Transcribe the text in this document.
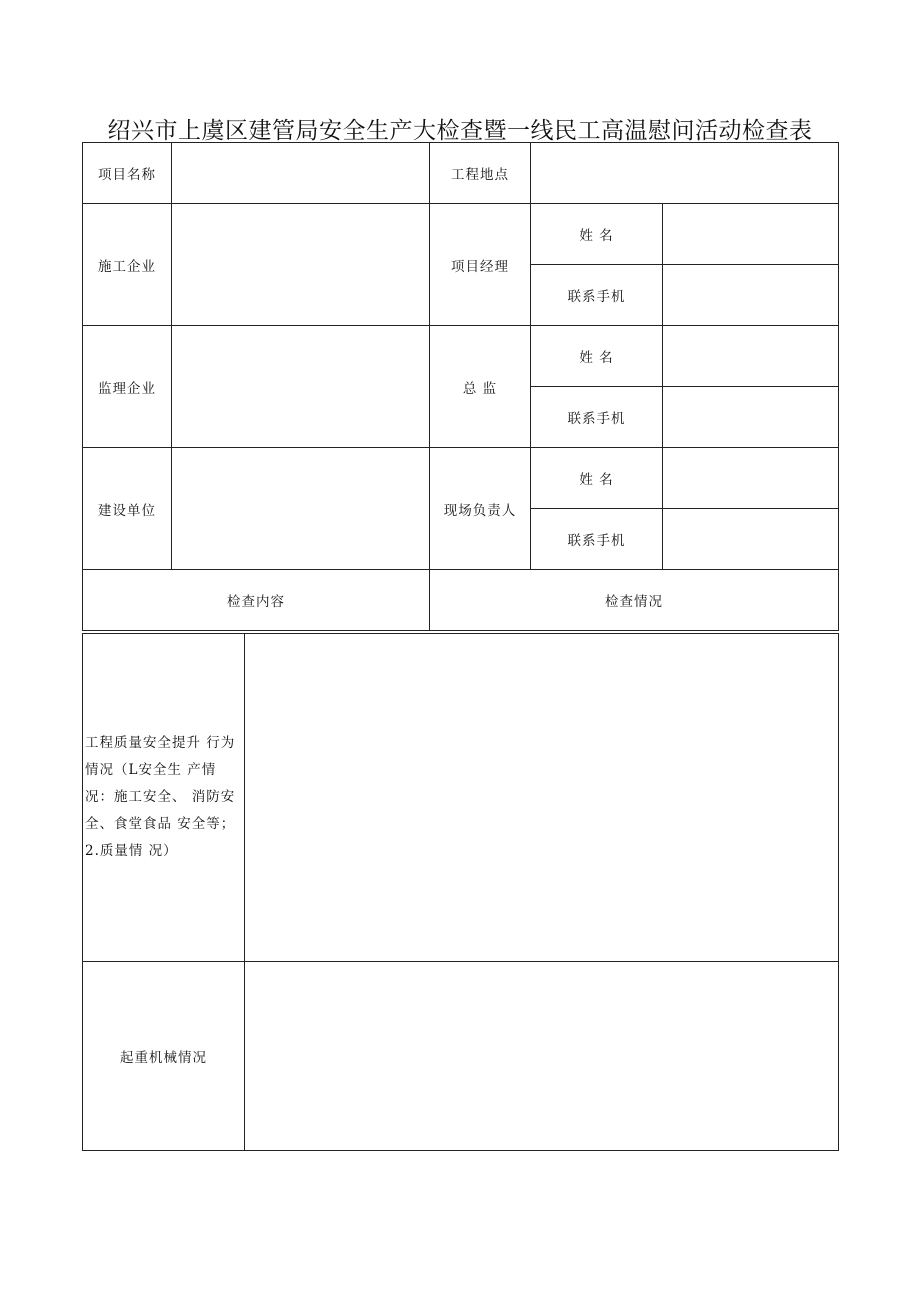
绍兴市上虞区建管局安全生产大检查暨一线民工高温慰问活动检查表
项目名称		工程地点		
施工企业		项目经理	姓 名	
			联系手机	
监理企业		总 监	姓 名	
			联系手机	
建设单位		现场负责人	姓 名	
			联系手机	
检查内容		检查情况		
工程质量安全提升 行为情况（L安全生 产情况：施工安全、 消防安全、食堂食品 安全等；2.质量情 况）	
起重机械情况	
